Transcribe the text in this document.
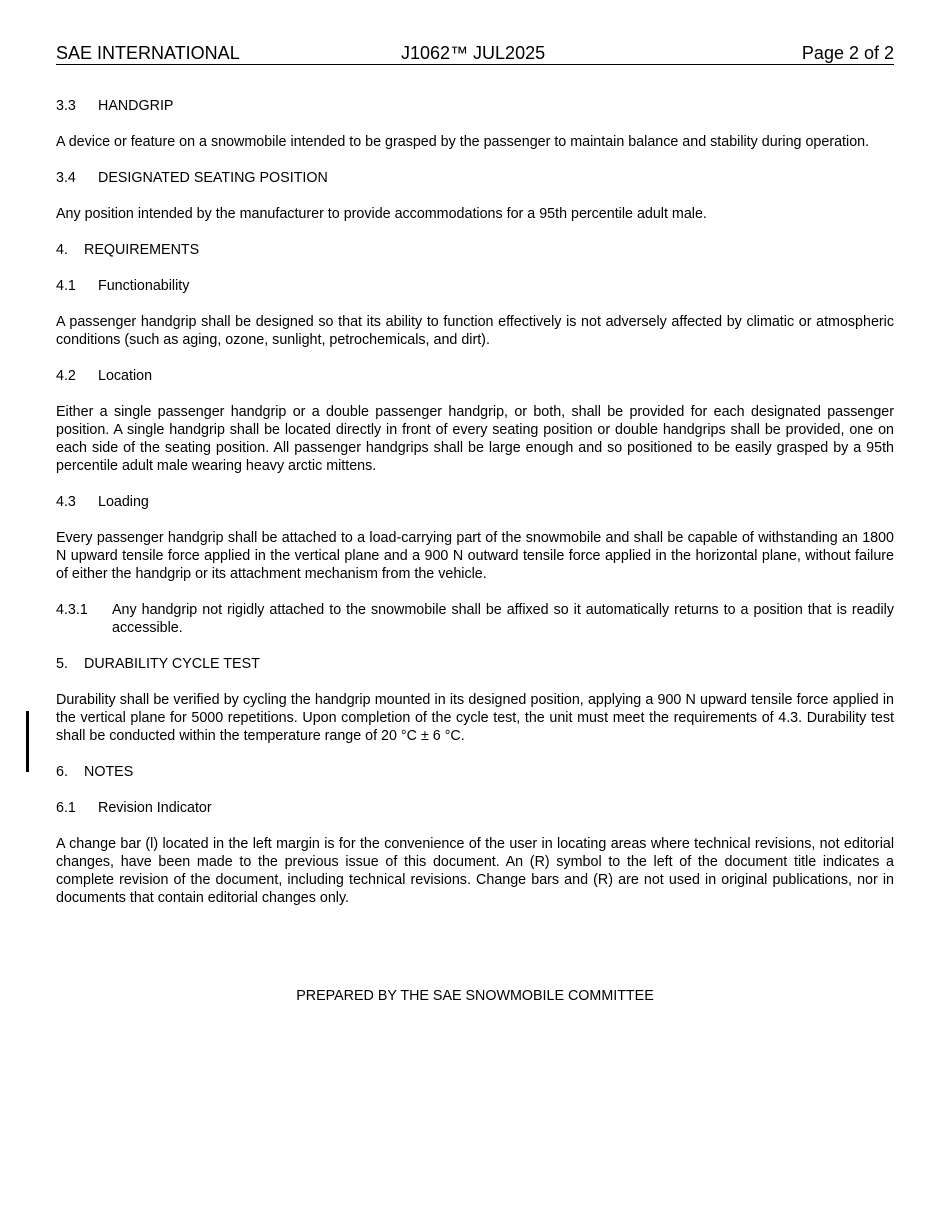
SAE INTERNATIONAL	J1062™ JUL2025	Page 2 of 2

3.3 HANDGRIP

A device or feature on a snowmobile intended to be grasped by the passenger to maintain balance and stability during operation.

3.4 DESIGNATED SEATING POSITION

Any position intended by the manufacturer to provide accommodations for a 95th percentile adult male.

4. REQUIREMENTS

4.1 Functionability

A passenger handgrip shall be designed so that its ability to function effectively is not adversely affected by climatic or atmospheric conditions (such as aging, ozone, sunlight, petrochemicals, and dirt).

4.2 Location

Either a single passenger handgrip or a double passenger handgrip, or both, shall be provided for each designated passenger position. A single handgrip shall be located directly in front of every seating position or double handgrips shall be provided, one on each side of the seating position. All passenger handgrips shall be large enough and so positioned to be easily grasped by a 95th percentile adult male wearing heavy arctic mittens.

4.3 Loading

Every passenger handgrip shall be attached to a load-carrying part of the snowmobile and shall be capable of withstanding an 1800 N upward tensile force applied in the vertical plane and a 900 N outward tensile force applied in the horizontal plane, without failure of either the handgrip or its attachment mechanism from the vehicle.

4.3.1	Any handgrip not rigidly attached to the snowmobile shall be affixed so it automatically returns to a position that is readily accessible.

5. DURABILITY CYCLE TEST

Durability shall be verified by cycling the handgrip mounted in its designed position, applying a 900 N upward tensile force applied in the vertical plane for 5000 repetitions. Upon completion of the cycle test, the unit must meet the requirements of 4.3. Durability test shall be conducted within the temperature range of 20 °C ± 6 °C.

6. NOTES

6.1 Revision Indicator

A change bar (l) located in the left margin is for the convenience of the user in locating areas where technical revisions, not editorial changes, have been made to the previous issue of this document. An (R) symbol to the left of the document title indicates a complete revision of the document, including technical revisions. Change bars and (R) are not used in original publications, nor in documents that contain editorial changes only.

PREPARED BY THE SAE SNOWMOBILE COMMITTEE
